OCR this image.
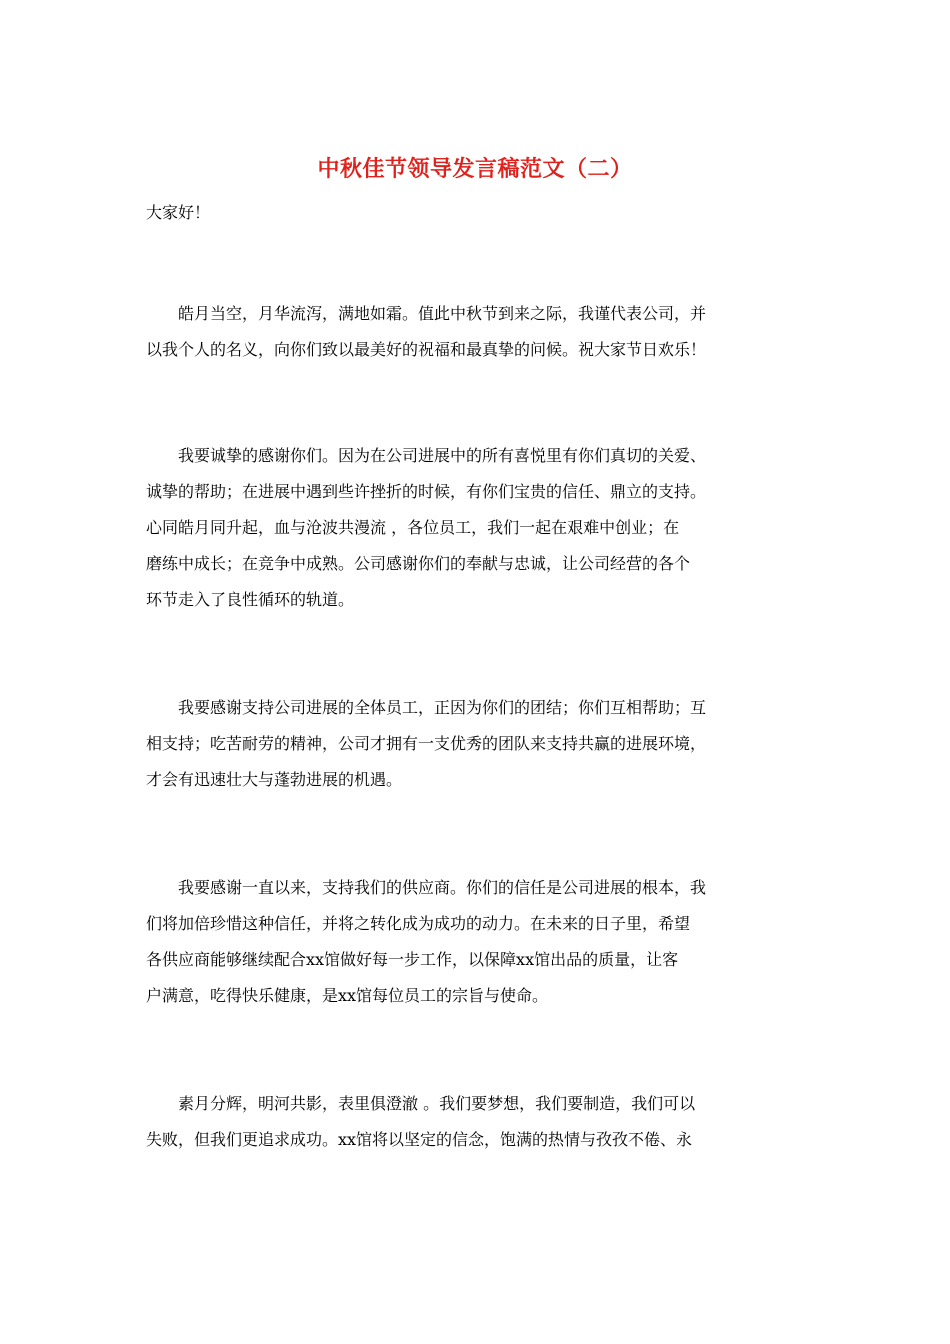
中秋佳节领导发言稿范文（二）
大家好！
　　皓月当空，月华流泻，满地如霜。值此中秋节到来之际，我谨代表公司，并
以我个人的名义，向你们致以最美好的祝福和最真挚的问候。祝大家节日欢乐！
　　我要诚挚的感谢你们。因为在公司进展中的所有喜悦里有你们真切的关爱、
诚挚的帮助；在进展中遇到些许挫折的时候，有你们宝贵的信任、鼎立的支持。
心同皓月同升起，血与沧波共漫流 ，各位员工，我们一起在艰难中创业；在
磨练中成长；在竞争中成熟。公司感谢你们的奉献与忠诚，让公司经营的各个
环节走入了良性循环的轨道。
　　我要感谢支持公司进展的全体员工，正因为你们的团结；你们互相帮助；互
相支持；吃苦耐劳的精神，公司才拥有一支优秀的团队来支持共赢的进展环境，
才会有迅速壮大与蓬勃进展的机遇。
　　我要感谢一直以来，支持我们的供应商。你们的信任是公司进展的根本，我
们将加倍珍惜这种信任，并将之转化成为成功的动力。在未来的日子里，希望
各供应商能够继续配合xx馆做好每一步工作，以保障xx馆出品的质量，让客
户满意，吃得快乐健康，是xx馆每位员工的宗旨与使命。
　　素月分辉，明河共影，表里俱澄澈 。我们要梦想，我们要制造，我们可以
失败，但我们更追求成功。xx馆将以坚定的信念，饱满的热情与孜孜不倦、永
